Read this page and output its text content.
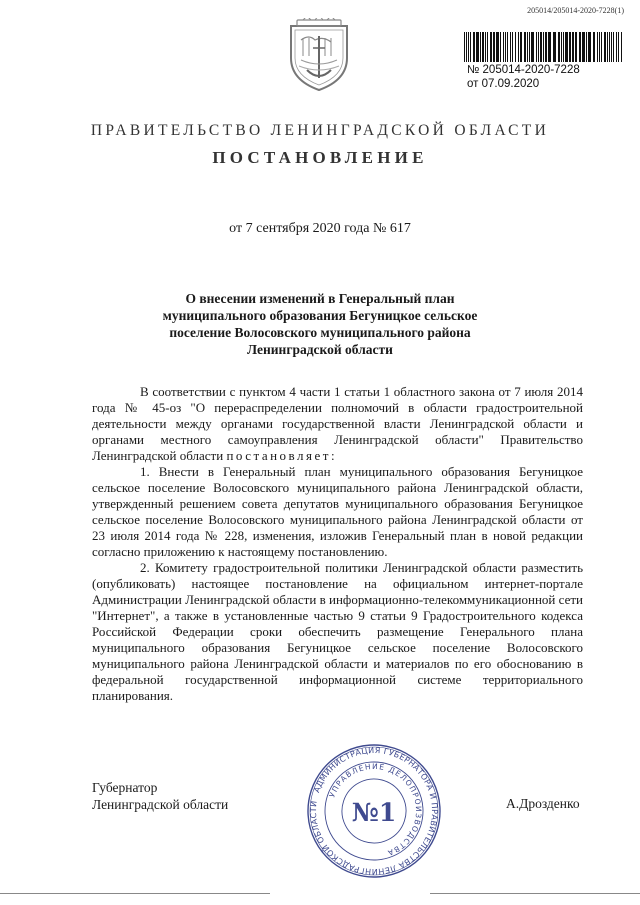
205014/205014-2020-7228(1)
№ 205014-2020-7228
от 07.09.2020
ПРАВИТЕЛЬСТВО ЛЕНИНГРАДСКОЙ ОБЛАСТИ
ПОСТАНОВЛЕНИЕ
от 7 сентября 2020 года № 617
О внесении изменений в Генеральный план муниципального образования Бегуницкое сельское поселение Волосовского муниципального района Ленинградской области

В соответствии с пунктом 4 части 1 статьи 1 областного закона от 7 июля 2014 года № 45-оз "О перераспределении полномочий в области градостроительной деятельности между органами государственной власти Ленинградской области и органами местного самоуправления Ленинградской области" Правительство Ленинградской области постановляет:

1. Внести в Генеральный план муниципального образования Бегуницкое сельское поселение Волосовского муниципального района Ленинградской области, утвержденный решением совета депутатов муниципального образования Бегуницкое сельское поселение Волосовского муниципального района Ленинградской области от 23 июля 2014 года № 228, изменения, изложив Генеральный план в новой редакции согласно приложению к настоящему постановлению.

2. Комитету градостроительной политики Ленинградской области разместить (опубликовать) настоящее постановление на официальном интернет-портале Администрации Ленинградской области в информационно-телекоммуникационной сети "Интернет", а также в установленные частью 9 статьи 9 Градостроительного кодекса Российской Федерации сроки обеспечить размещение Генерального плана муниципального образования Бегуницкое сельское поселение Волосовского муниципального района Ленинградской области и материалов по его обоснованию в федеральной государственной информационной системе территориального планирования.

Губернатор
Ленинградской области	А.Дрозденко
АДМИНИСТРАЦИЯ ГУБЕРНАТОРА И ПРАВИТЕЛЬСТВА ЛЕНИНГРАДСКОЙ ОБЛАСТИ
УПРАВЛЕНИЕ ДЕЛОПРОИЗВОДСТВА
№1
